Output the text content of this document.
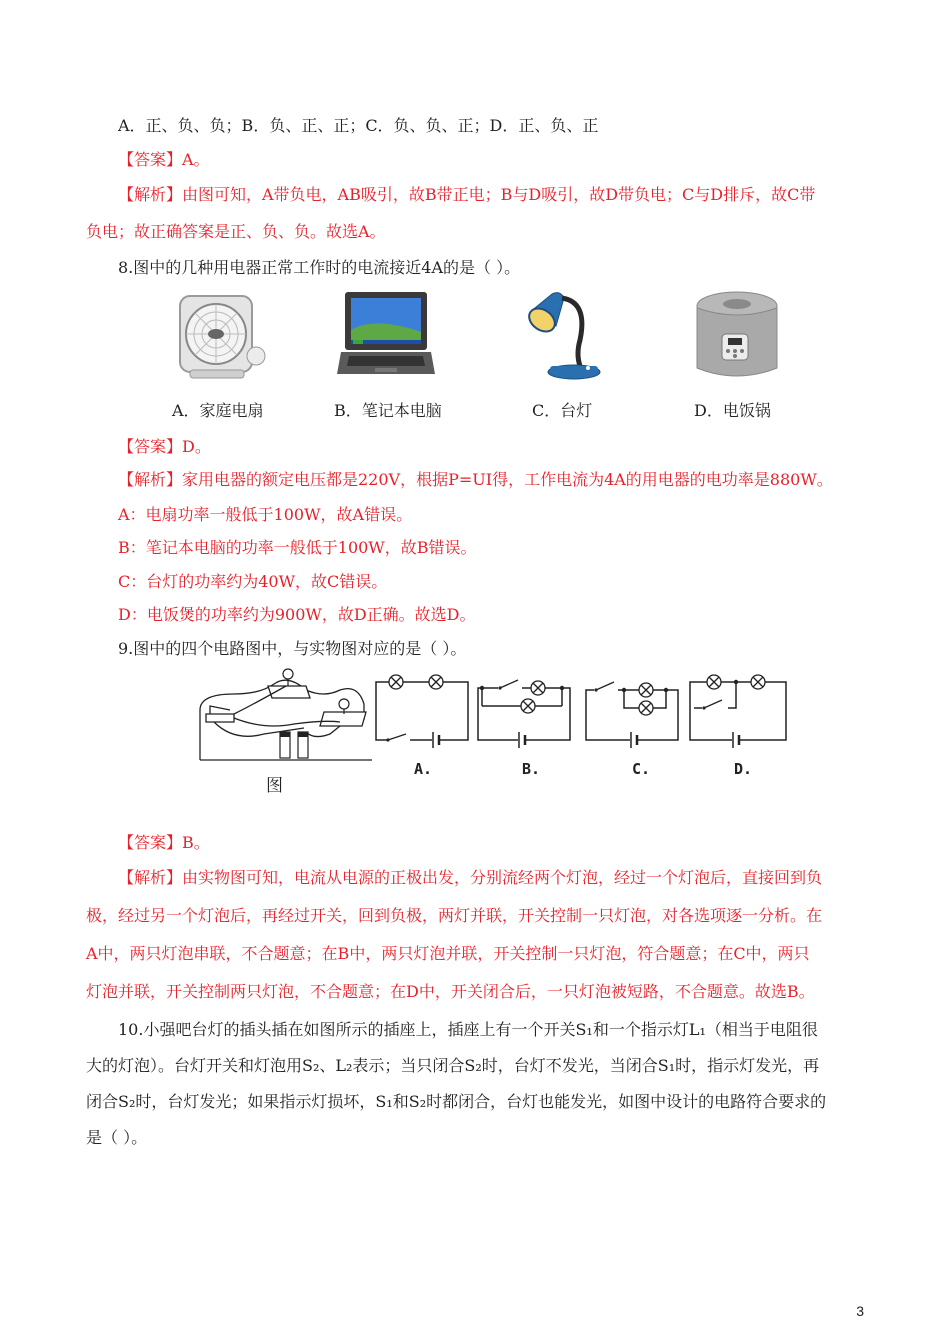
A．正、负、负；B．负、正、正；C．负、负、正；D．正、负、正
【答案】A。
【解析】由图可知，A带负电，AB吸引，故B带正电；B与D吸引，故D带负电；C与D排斥，故C带
负电；故正确答案是正、负、负。故选A。
8.图中的几种用电器正常工作时的电流接近4A的是（ ）。
A．家庭电扇	B．笔记本电脑	C．台灯	D．电饭锅
【答案】D。
【解析】家用电器的额定电压都是220V，根据P=UI得，工作电流为4A的用电器的电功率是880W。
A：电扇功率一般低于100W，故A错误。
B：笔记本电脑的功率一般低于100W，故B错误。
C：台灯的功率约为40W，故C错误。
D：电饭煲的功率约为900W，故D正确。故选D。
9.图中的四个电路图中，与实物图对应的是（ ）。
图
A.	B.	C.	D.
【答案】B。
【解析】由实物图可知，电流从电源的正极出发，分别流经两个灯泡，经过一个灯泡后，直接回到负
极，经过另一个灯泡后，再经过开关，回到负极，两灯并联，开关控制一只灯泡，对各选项逐一分析。在
A中，两只灯泡串联，不合题意；在B中，两只灯泡并联，开关控制一只灯泡，符合题意；在C中，两只
灯泡并联，开关控制两只灯泡，不合题意；在D中，开关闭合后，一只灯泡被短路，不合题意。故选B。
10.小强吧台灯的插头插在如图所示的插座上，插座上有一个开关S₁和一个指示灯L₁（相当于电阻很
大的灯泡）。台灯开关和灯泡用S₂、L₂表示；当只闭合S₂时，台灯不发光，当闭合S₁时，指示灯发光，再
闭合S₂时，台灯发光；如果指示灯损坏，S₁和S₂时都闭合，台灯也能发光，如图中设计的电路符合要求的
是（ ）。
3
